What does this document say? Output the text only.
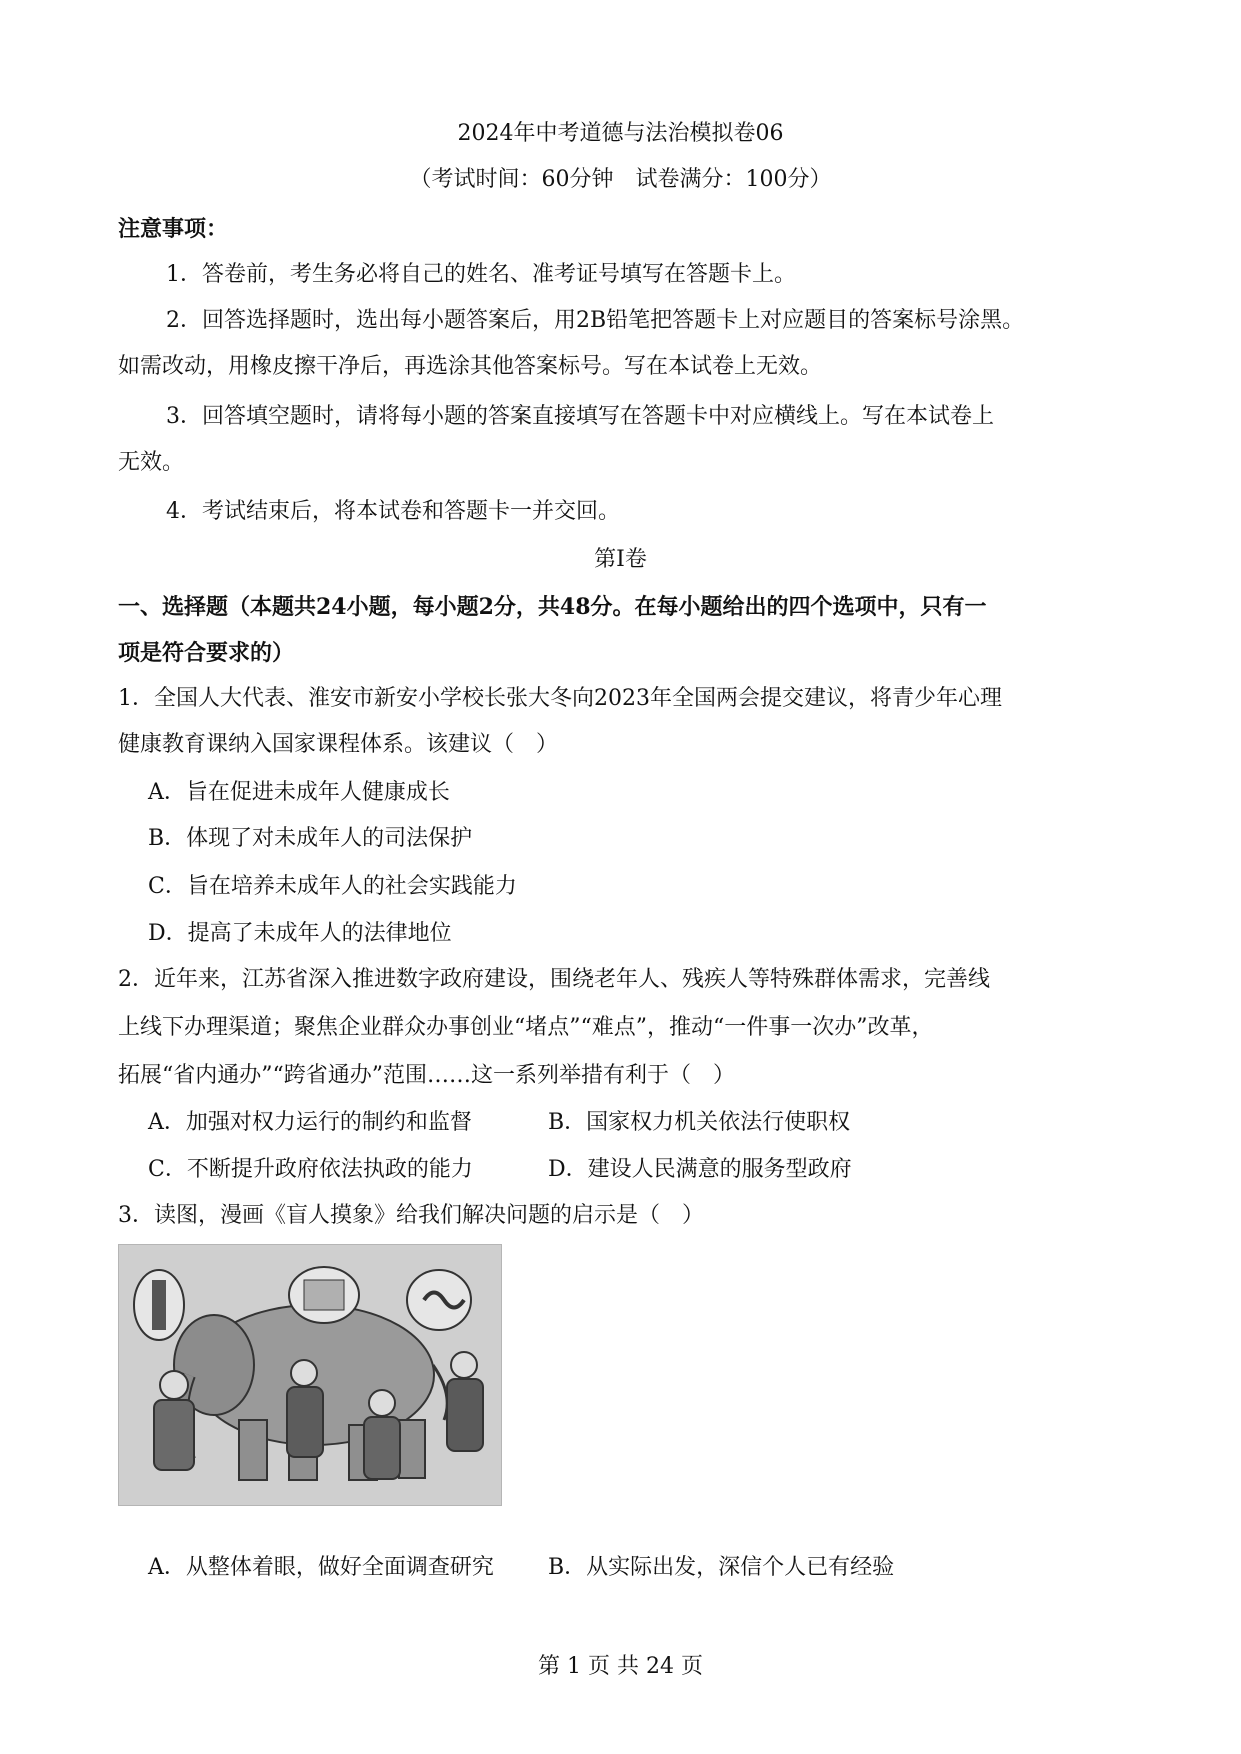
2024年中考道德与法治模拟卷06
（考试时间：60分钟　试卷满分：100分）
注意事项：
1．答卷前，考生务必将自己的姓名、准考证号填写在答题卡上。
2．回答选择题时，选出每小题答案后，用2B铅笔把答题卡上对应题目的答案标号涂黑。
如需改动，用橡皮擦干净后，再选涂其他答案标号。写在本试卷上无效。
3．回答填空题时，请将每小题的答案直接填写在答题卡中对应横线上。写在本试卷上
无效。
4．考试结束后，将本试卷和答题卡一并交回。
第Ⅰ卷
一、选择题（本题共24小题，每小题2分，共48分。在每小题给出的四个选项中，只有一
项是符合要求的）
1．全国人大代表、淮安市新安小学校长张大冬向2023年全国两会提交建议，将青少年心理
健康教育课纳入国家课程体系。该建议（　）
A．旨在促进未成年人健康成长
B．体现了对未成年人的司法保护
C．旨在培养未成年人的社会实践能力
D．提高了未成年人的法律地位
2．近年来，江苏省深入推进数字政府建设，围绕老年人、残疾人等特殊群体需求，完善线
上线下办理渠道；聚焦企业群众办事创业“堵点”“难点”，推动“一件事一次办”改革，
拓展“省内通办”“跨省通办”范围……这一系列举措有利于（　）
A．加强对权力运行的制约和监督	B．国家权力机关依法行使职权
C．不断提升政府依法执政的能力	D．建设人民满意的服务型政府
3．读图，漫画《盲人摸象》给我们解决问题的启示是（　）
A．从整体着眼，做好全面调查研究 B．从实际出发，深信个人已有经验
第 1 页 共 24 页
